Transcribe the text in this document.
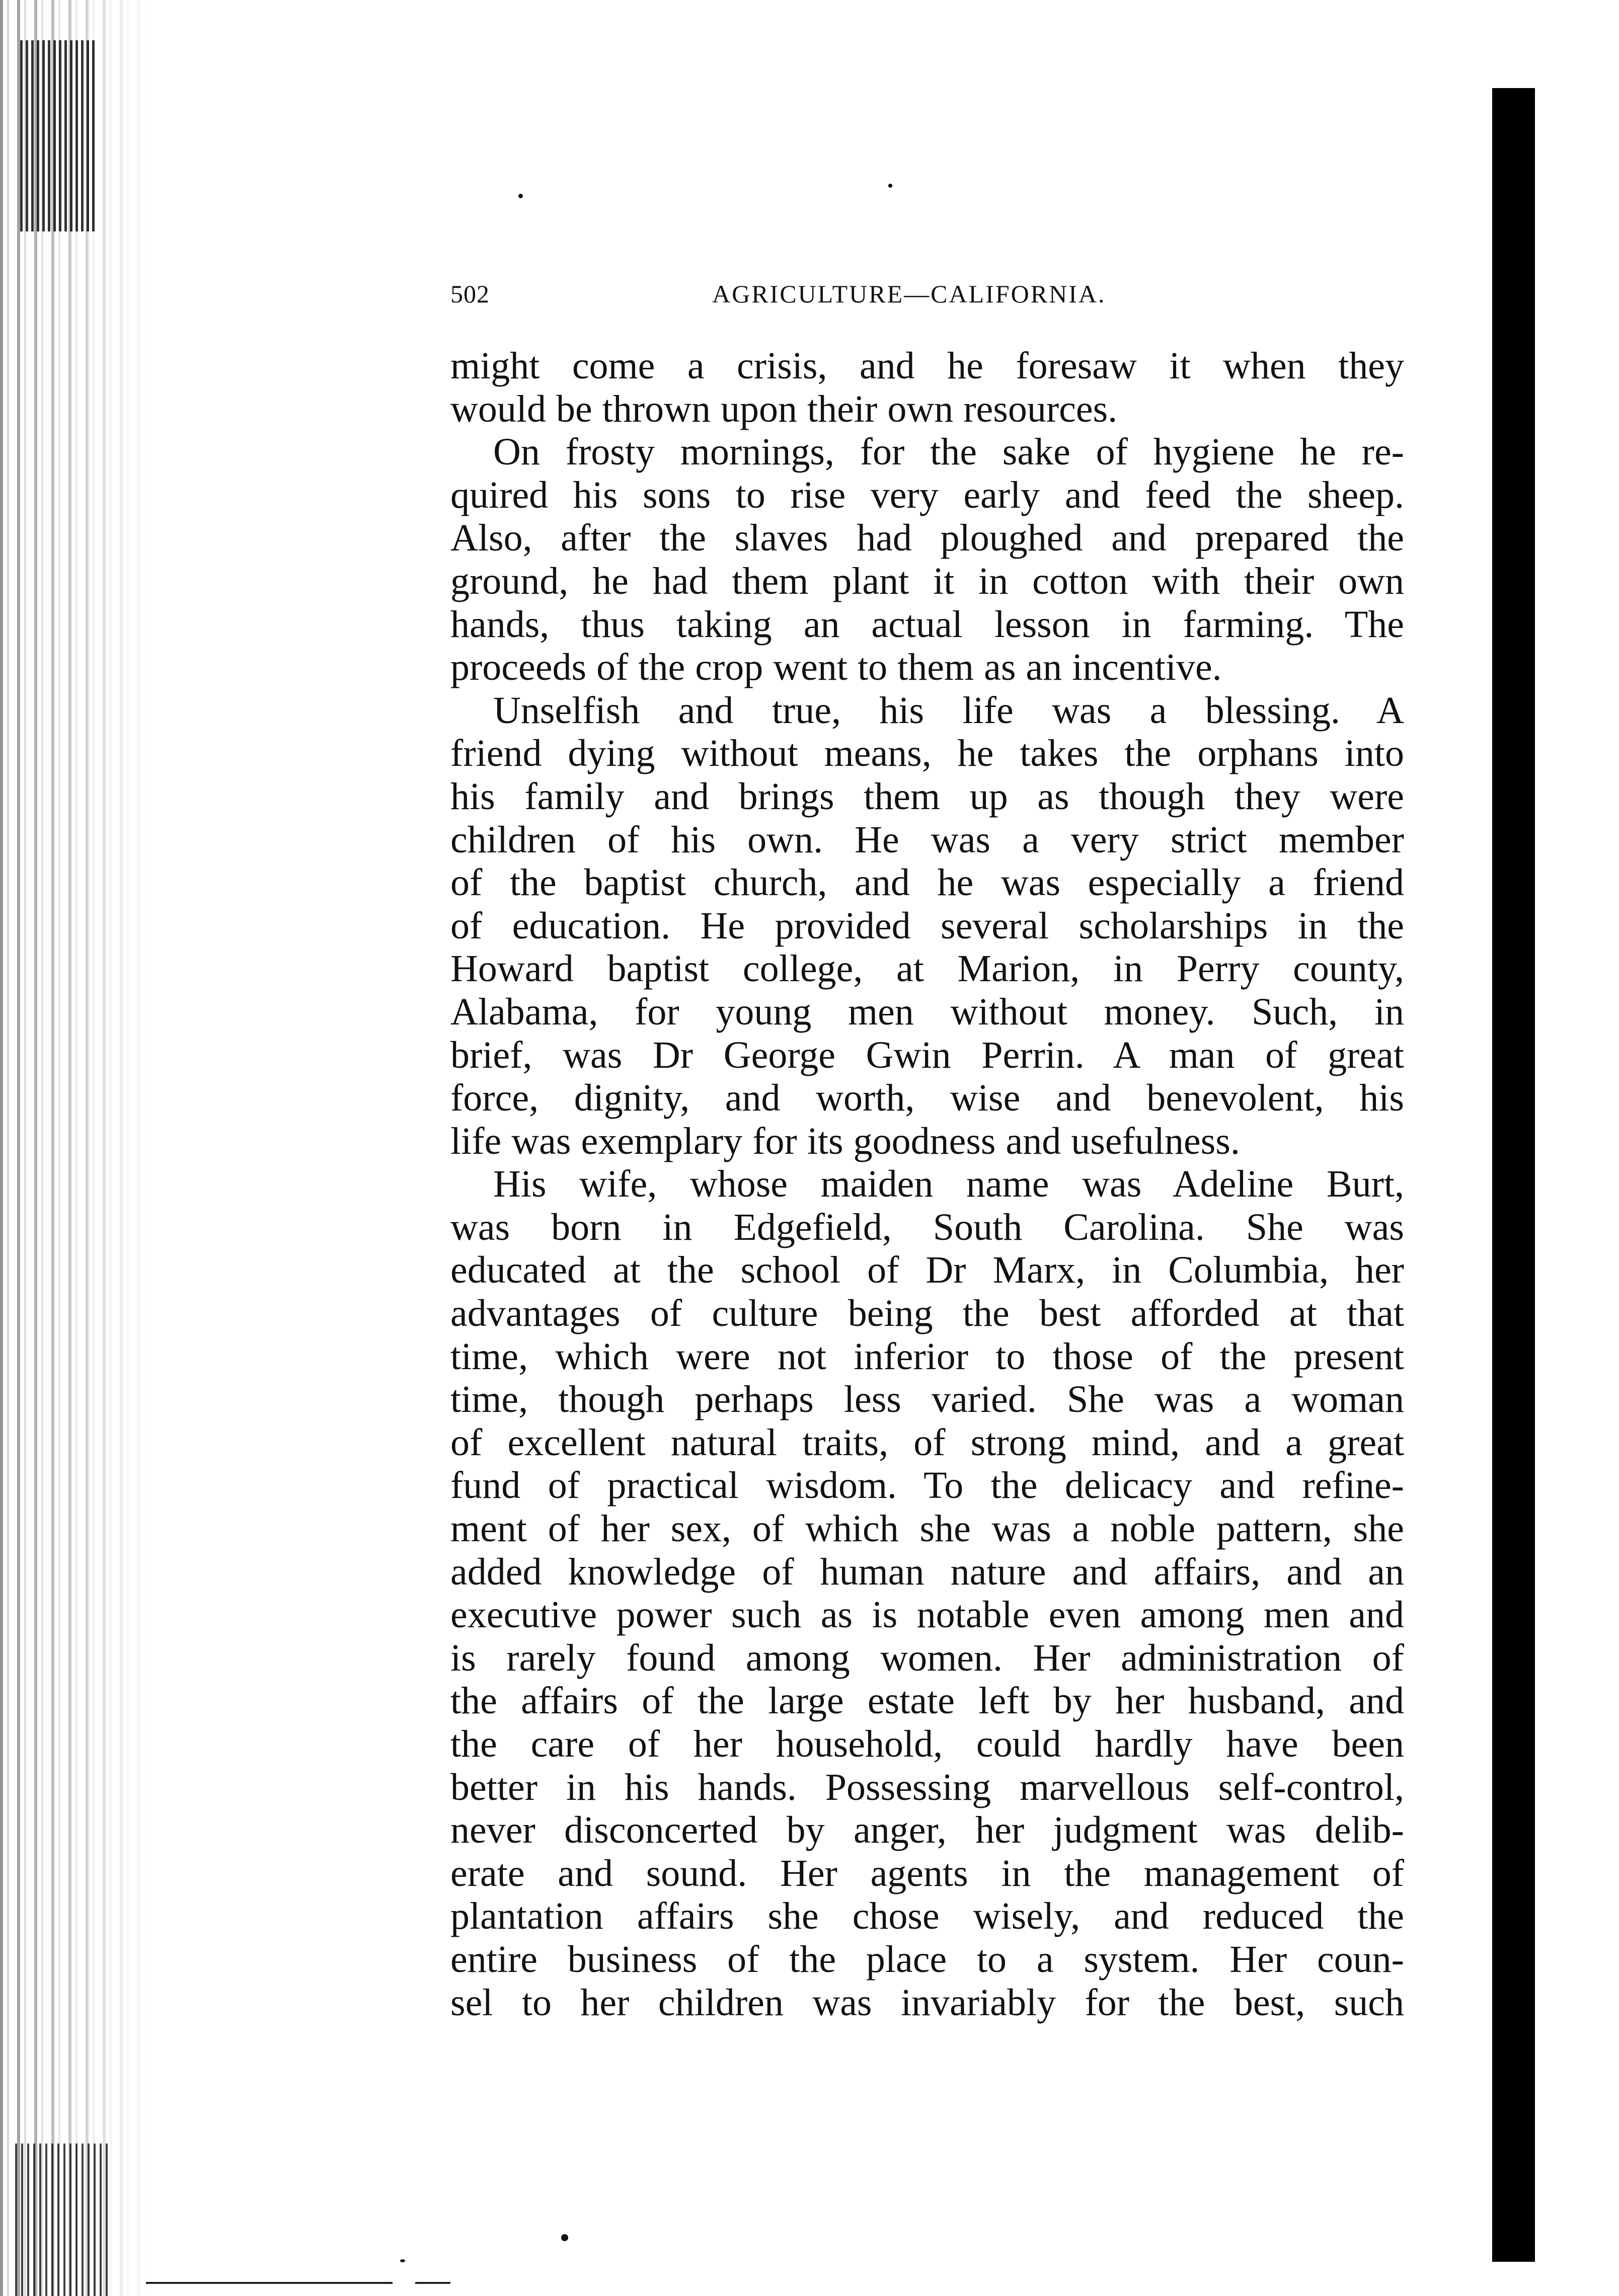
502	AGRICULTURE—CALIFORNIA.
might come a crisis, and he foresaw it when they
would be thrown upon their own resources.
On frosty mornings, for the sake of hygiene he re-
quired his sons to rise very early and feed the sheep.
Also, after the slaves had ploughed and prepared the
ground, he had them plant it in cotton with their own
hands, thus taking an actual lesson in farming. The
proceeds of the crop went to them as an incentive.
Unselfish and true, his life was a blessing. A
friend dying without means, he takes the orphans into
his family and brings them up as though they were
children of his own. He was a very strict member
of the baptist church, and he was especially a friend
of education. He provided several scholarships in the
Howard baptist college, at Marion, in Perry county,
Alabama, for young men without money. Such, in
brief, was Dr George Gwin Perrin. A man of great
force, dignity, and worth, wise and benevolent, his
life was exemplary for its goodness and usefulness.
His wife, whose maiden name was Adeline Burt,
was born in Edgefield, South Carolina. She was
educated at the school of Dr Marx, in Columbia, her
advantages of culture being the best afforded at that
time, which were not inferior to those of the present
time, though perhaps less varied. She was a woman
of excellent natural traits, of strong mind, and a great
fund of practical wisdom. To the delicacy and refine-
ment of her sex, of which she was a noble pattern, she
added knowledge of human nature and affairs, and an
executive power such as is notable even among men and
is rarely found among women. Her administration of
the affairs of the large estate left by her husband, and
the care of her household, could hardly have been
better in his hands. Possessing marvellous self-control,
never disconcerted by anger, her judgment was delib-
erate and sound. Her agents in the management of
plantation affairs she chose wisely, and reduced the
entire business of the place to a system. Her coun-
sel to her children was invariably for the best, such
